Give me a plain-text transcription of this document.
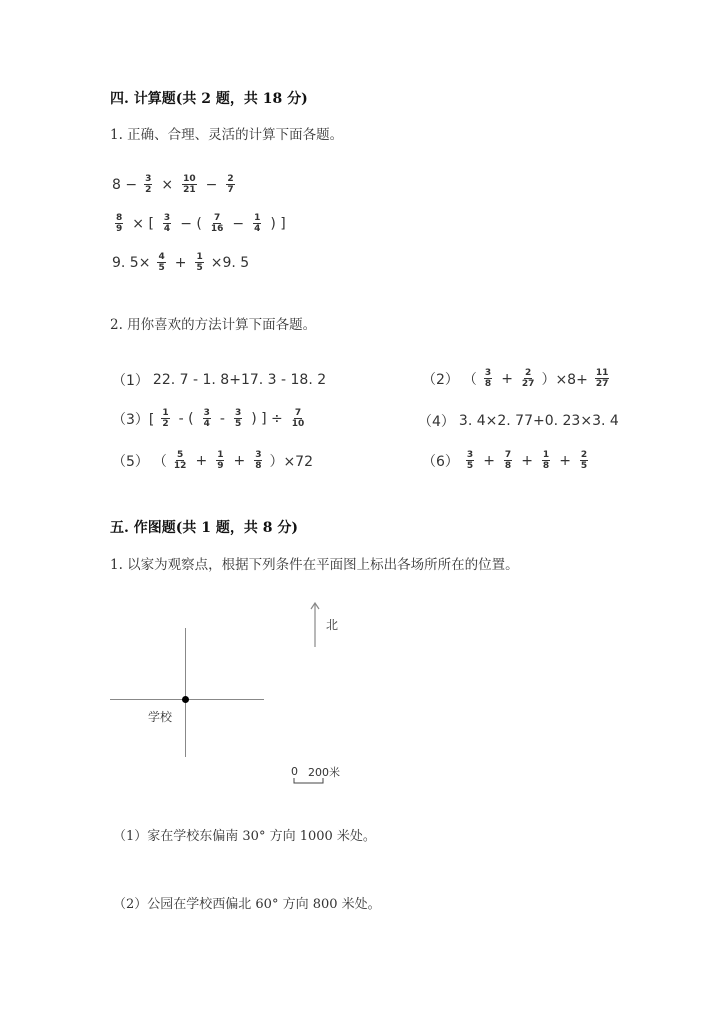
四. 计算题(共 2 题，共 18 分)
1. 正确、合理、灵活的计算下面各题。
$8 - \frac{3}{2} \times \frac{10}{21} - \frac{2}{7}$
$\frac{8}{9}$ × [ $\frac{3}{4}$ − ( $\frac{7}{16} - \frac{1}{4}$ ) ]
9. $5\times \frac{4}{5} + \frac{1}{5} \times 9$. 5
2. 用你喜欢的方法计算下面各题。
（1） 22. 7 - 1. 8+17. 3 - 18. 2	（2） （ $\frac{3}{8} + \frac{2}{27} )\times 8+ \frac{11}{27}$
$(3)[ \frac{1}{2}$ - ( $\frac{3}{4} - \frac{3}{5}$ ) ] ÷ $\frac{7}{10}$	（4） 3. 4×2. 77+0. 23×3. 4
（5） （ $\frac{5}{12} + \frac{1}{9} + \frac{3}{8} )\times 72$	$(6) \frac{3}{5} + \frac{7}{8} + \frac{1}{8} + \frac{2}{5}$
五. 作图题(共 1 题，共 8 分)
1. 以家为观察点，根据下列条件在平面图上标出各场所所在的位置。
学校
北
0 200米
（1）家在学校东偏南 30° 方向 1000 米处。
（2）公园在学校西偏北 60° 方向 800 米处。
